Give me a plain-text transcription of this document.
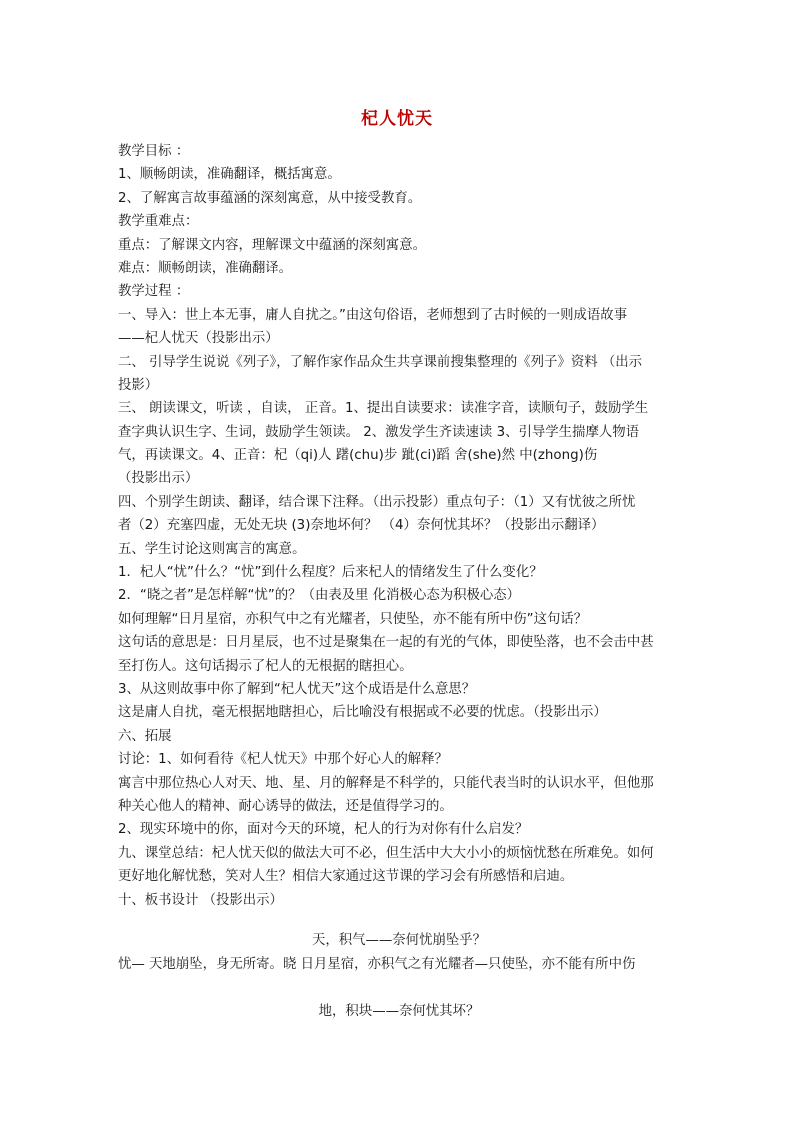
杞人忧天
教学目标 ：
1、顺畅朗读，准确翻译，概括寓意。
2、了解寓言故事蕴涵的深刻寓意，从中接受教育。
教学重难点：
重点：了解课文内容，理解课文中蕴涵的深刻寓意。
难点：顺畅朗读，准确翻译。
教学过程 ：
一、导入：世上本无事，庸人自扰之。”由这句俗语，老师想到了古时候的一则成语故事
——杞人忧天（投影出示）
二、 引导学生说说《列子》，了解作家作品众生共享课前搜集整理的《列子》资料 （出示
投影）
三、 朗读课文，听读 ，自读， 正音。1、提出自读要求：读准字音，读顺句子，鼓励学生
查字典认识生字、生词，鼓励学生领读。 2、激发学生齐读速读 3、引导学生揣摩人物语
气，再读课文。4、正音：杞（qi)人 躇(chu)步 跐(ci)蹈 舍(she)然 中(zhong)伤
（投影出示）
四、个别学生朗读、翻译，结合课下注释。（出示投影）重点句子：（1）又有忧彼之所忧
者（2）充塞四虚，无处无块 (3)奈地坏何？ （4）奈何忧其坏？（投影出示翻译）
五、学生讨论这则寓言的寓意。
1．杞人“忧”什么？“忧”到什么程度？后来杞人的情绪发生了什么变化？
2．“晓之者”是怎样解“忧”的？（由表及里 化消极心态为积极心态）
如何理解“日月星宿，亦积气中之有光耀者，只使坠，亦不能有所中伤”这句话？
这句话的意思是：日月星辰，也不过是聚集在一起的有光的气体，即使坠落，也不会击中甚
至打伤人。这句话揭示了杞人的无根据的瞎担心。
3、从这则故事中你了解到“杞人忧天”这个成语是什么意思？
这是庸人自扰，毫无根据地瞎担心，后比喻没有根据或不必要的忧虑。（投影出示）
六、拓展
讨论：1、如何看待《杞人忧天》中那个好心人的解释？
寓言中那位热心人对天、地、星、月的解释是不科学的，只能代表当时的认识水平，但他那
种关心他人的精神、耐心诱导的做法，还是值得学习的。
2、现实环境中的你，面对今天的环境，杞人的行为对你有什么启发？
九、课堂总结：杞人忧天似的做法大可不必，但生活中大大小小的烦恼忧愁在所难免。如何
更好地化解忧愁，笑对人生？相信大家通过这节课的学习会有所感悟和启迪。
十、板书设计 （投影出示）
天，积气——奈何忧崩坠乎？
忧— 天地崩坠，身无所寄。晓 日月星宿，亦积气之有光耀者—只使坠，亦不能有所中伤
地，积块——奈何忧其坏？
